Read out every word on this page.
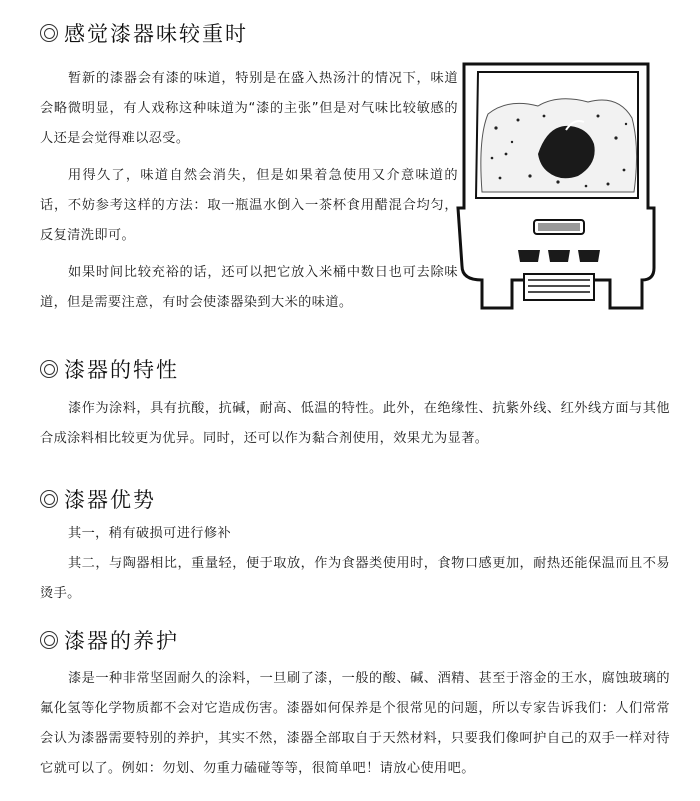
感觉漆器味较重时

暂新的漆器会有漆的味道，特别是在盛入热汤汁的情况下，味道会略微明显，有人戏称这种味道为“漆的主张”但是对气味比较敏感的人还是会觉得难以忍受。

用得久了，味道自然会消失，但是如果着急使用又介意味道的话，不妨参考这样的方法：取一瓶温水倒入一茶杯食用醋混合均匀，反复清洗即可。

如果时间比较充裕的话，还可以把它放入米桶中数日也可去除味道，但是需要注意，有时会使漆器染到大米的味道。

漆器的特性

漆作为涂料，具有抗酸，抗碱，耐高、低温的特性。此外，在绝缘性、抗紫外线、红外线方面与其他合成涂料相比较更为优异。同时，还可以作为黏合剂使用，效果尤为显著。

漆器优势

其一，稍有破损可进行修补

其二，与陶器相比，重量轻，便于取放，作为食器类使用时，食物口感更加，耐热还能保温而且不易烫手。

漆器的养护

漆是一种非常坚固耐久的涂料，一旦刷了漆，一般的酸、碱、酒精、甚至于溶金的王水，腐蚀玻璃的氟化氢等化学物质都不会对它造成伤害。漆器如何保养是个很常见的问题，所以专家告诉我们：人们常常会认为漆器需要特别的养护，其实不然，漆器全部取自于天然材料，只要我们像呵护自己的双手一样对待它就可以了。例如：勿划、勿重力磕碰等等，很简单吧！请放心使用吧。
